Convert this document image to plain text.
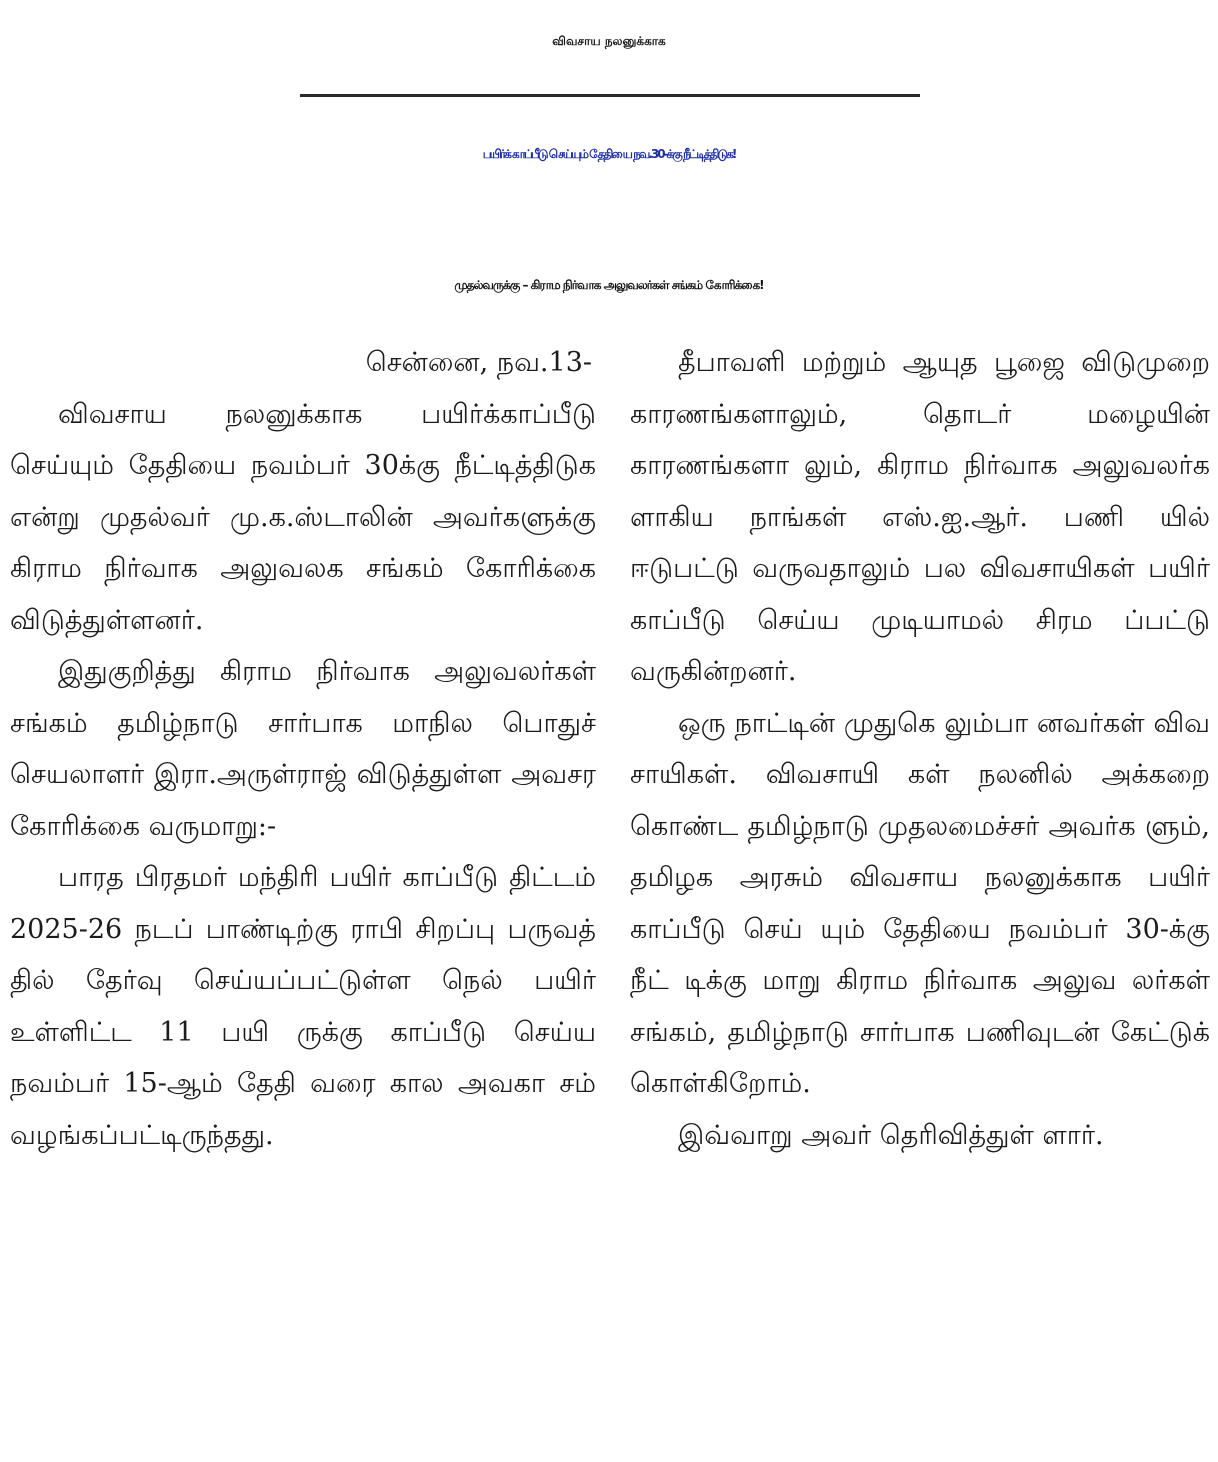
விவசாய நலனுக்காக
பயிர்க் காப்பீடு செய்யும் தேதியை நவ.30-க்கு நீட்டித்திடுக!
முதல்வருக்கு – கிராம நிர்வாக அலுவலர்கள் சங்கம் கோரிக்கை!

சென்னை, நவ.13-

விவசாய நலனுக்காக பயிர்க்காப்பீடு செய்யும் தேதியை நவம்பர் 30க்கு நீட்டித்திடுக என்று முதல்வர் மு.க.ஸ்டாலின் அவர்களுக்கு கிராம நிர்வாக அலுவலக சங்கம் கோரிக்கை விடுத்துள்ளனர்.

இதுகுறித்து கிராம நிர்வாக அலுவலர்கள் சங்கம் தமிழ்நாடு சார்பாக மாநில பொதுச் செயலாளர் இரா.அருள்ராஜ் விடுத்துள்ள அவசர கோரிக்கை வருமாறு:-

பாரத பிரதமர் மந்திரி பயிர் காப்பீடு திட்டம் 2025-26 நடப் பாண்டிற்கு ராபி சிறப்பு பருவத் தில் தேர்வு செய்யப்பட்டுள்ள நெல் பயிர் உள்ளிட்ட 11 பயி ருக்கு காப்பீடு செய்ய நவம்பர் 15-ஆம் தேதி வரை கால அவகா சம் வழங்கப்பட்டிருந்தது.

தீபாவளி மற்றும் ஆயுத பூஜை விடுமுறை காரணங்களாலும், தொடர் மழையின் காரணங்களா லும், கிராம நிர்வாக அலுவலர்க ளாகிய நாங்கள் எஸ்.ஐ.ஆர். பணி யில் ஈடுபட்டு வருவதாலும் பல விவசாயிகள் பயிர் காப்பீடு செய்ய முடியாமல் சிரம ப்பட்டு வருகின்றனர்.

ஒரு நாட்டின் முதுகெ லும்பா னவர்கள் விவ சாயிகள். விவசாயி கள் நலனில் அக்கறை கொண்ட தமிழ்நாடு முதலமைச்சர் அவர்க ளும், தமிழக அரசும் விவசாய நலனுக்காக பயிர் காப்பீடு செய் யும் தேதியை நவம்பர் 30-க்கு நீட் டிக்கு மாறு கிராம நிர்வாக அலுவ லர்கள் சங்கம், தமிழ்நாடு சார்பாக பணிவுடன் கேட்டுக் கொள்கிறோம்.

இவ்வாறு அவர் தெரிவித்துள் ளார்.
